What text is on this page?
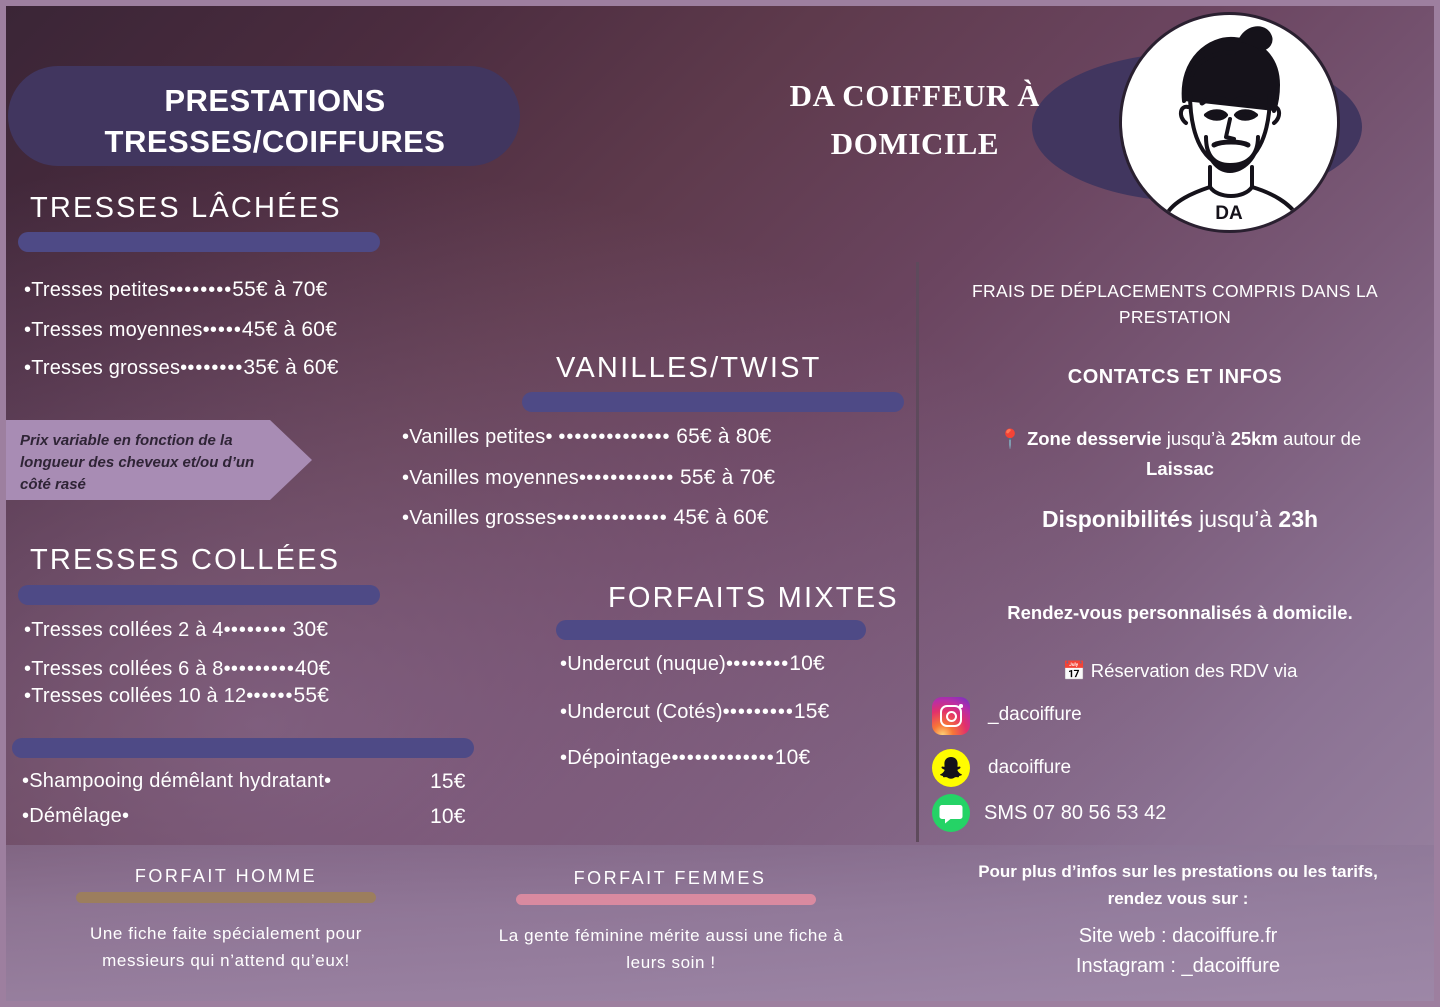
PRESTATIONS
TRESSES/COIFFURES
DA COIFFEUR À
DOMICILE
DA
TRESSES LÂCHÉES
•Tresses petites••••••••55€ à 70€
•Tresses moyennes•••••45€ à 60€
•Tresses grosses••••••••35€ à 60€
Prix variable en fonction de la longueur des cheveux et/ou d’un côté rasé
TRESSES COLLÉES
•Tresses collées 2 à 4•••••••• 30€
•Tresses collées 6 à 8•••••••••40€
•Tresses collées 10 à 12••••••55€
•Shampooing démêlant hydratant•	15€
•Démêlage•	10€
VANILLES/TWIST
•Vanilles petites• •••••••••••••• 65€ à 80€
•Vanilles moyennes•••••••••••• 55€ à 70€
•Vanilles grosses•••••••••••••• 45€ à 60€
FORFAITS MIXTES
•Undercut (nuque)••••••••10€
•Undercut (Cotés)•••••••••15€
•Dépointage•••••••••••••10€
FRAIS DE DÉPLACEMENTS COMPRIS DANS LA PRESTATION
CONTATCS ET INFOS
📍 Zone desservie jusqu’à 25km autour de
Laissac
Disponibilités jusqu’à 23h
Rendez-vous personnalisés à domicile.
📅 Réservation des RDV via
_dacoiffure
dacoiffure
SMS 07 80 56 53 42
Pour plus d’infos sur les prestations ou les tarifs,
rendez vous sur :
Site web : dacoiffure.fr
Instagram : _dacoiffure
FORFAIT HOMME
Une fiche faite spécialement pour messieurs qui n’attend qu’eux!
FORFAIT FEMMES
La gente féminine mérite aussi une fiche à leurs soin !
